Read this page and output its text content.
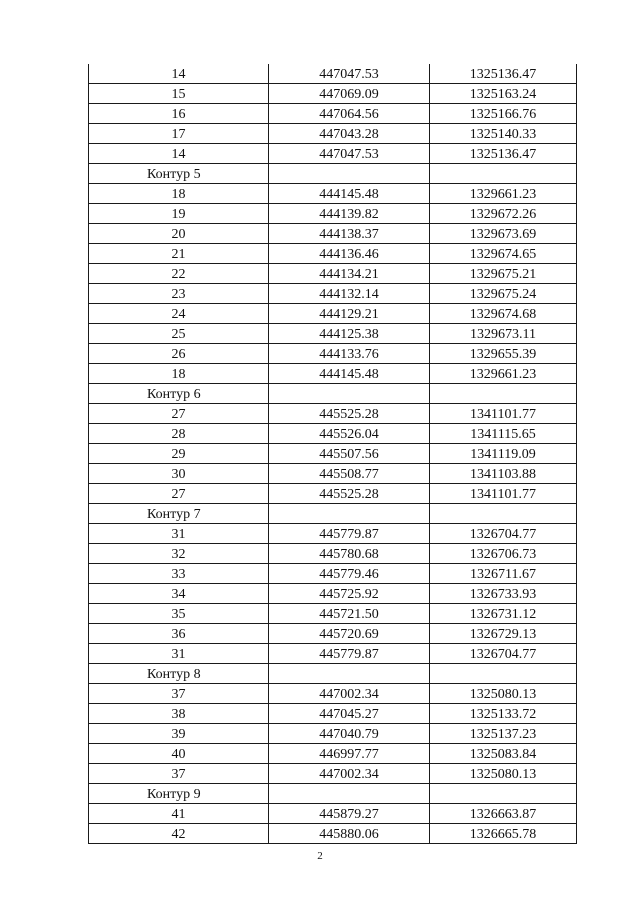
14	447047.53	1325136.47
15	447069.09	1325163.24
16	447064.56	1325166.76
17	447043.28	1325140.33
14	447047.53	1325136.47
Контур 5		
18	444145.48	1329661.23
19	444139.82	1329672.26
20	444138.37	1329673.69
21	444136.46	1329674.65
22	444134.21	1329675.21
23	444132.14	1329675.24
24	444129.21	1329674.68
25	444125.38	1329673.11
26	444133.76	1329655.39
18	444145.48	1329661.23
Контур 6		
27	445525.28	1341101.77
28	445526.04	1341115.65
29	445507.56	1341119.09
30	445508.77	1341103.88
27	445525.28	1341101.77
Контур 7		
31	445779.87	1326704.77
32	445780.68	1326706.73
33	445779.46	1326711.67
34	445725.92	1326733.93
35	445721.50	1326731.12
36	445720.69	1326729.13
31	445779.87	1326704.77
Контур 8		
37	447002.34	1325080.13
38	447045.27	1325133.72
39	447040.79	1325137.23
40	446997.77	1325083.84
37	447002.34	1325080.13
Контур 9		
41	445879.27	1326663.87
42	445880.06	1326665.78
2
